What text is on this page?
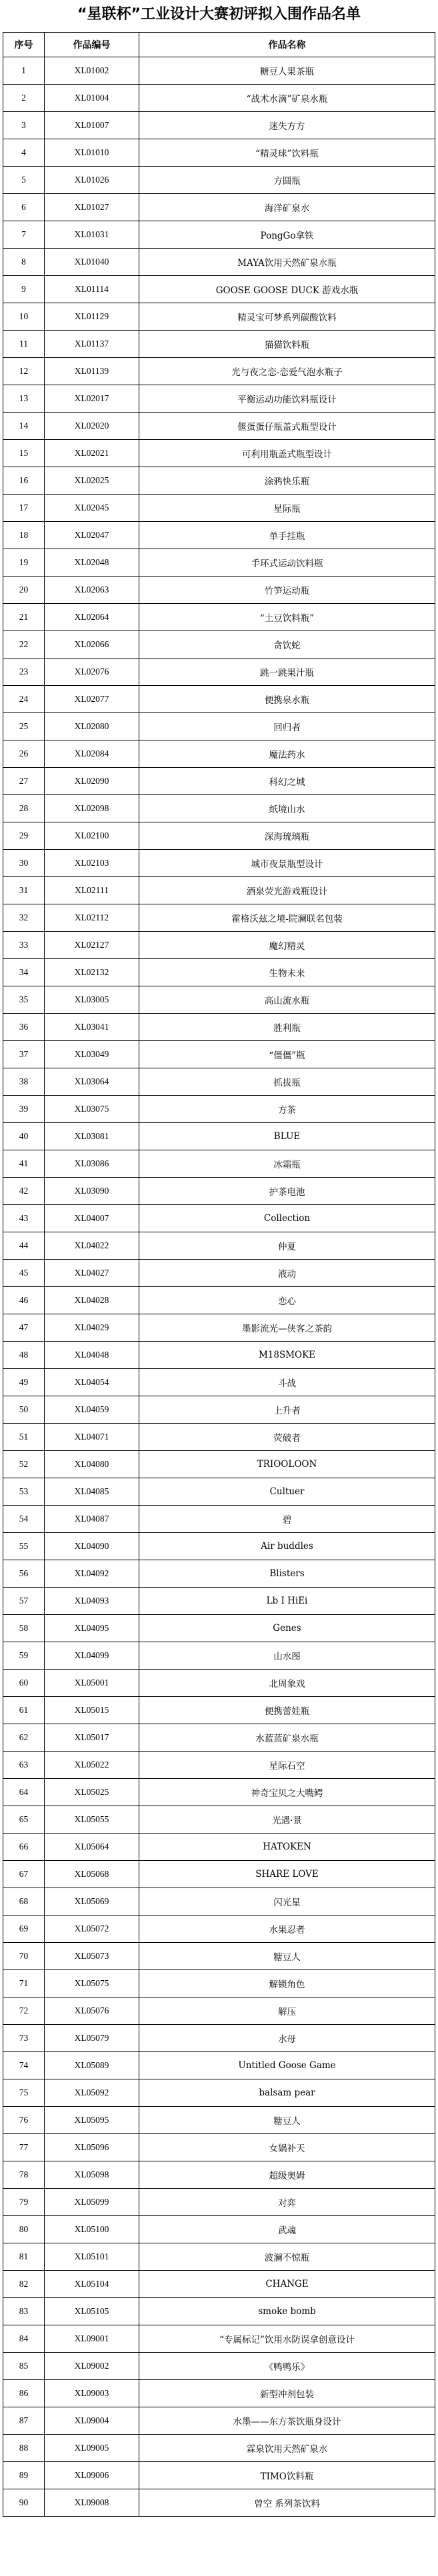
“星联杯”工业设计大赛初评拟入围作品名单
序号	作品编号	作品名称
1	XL01002	糖豆人果茶瓶
2	XL01004	“战术水滴”矿泉水瓶
3	XL01007	迷失方方
4	XL01010	“精灵球”饮料瓶
5	XL01026	方圆瓶
6	XL01027	海洋矿泉水
7	XL01031	PongGo拿铁
8	XL01040	MAYA饮用天然矿泉水瓶
9	XL01114	GOOSE GOOSE DUCK 游戏水瓶
10	XL01129	精灵宝可梦系列碳酸饮料
11	XL01137	猫猫饮料瓶
12	XL01139	光与夜之恋-恋爱气泡水瓶子
13	XL02017	平衡运动功能饮料瓶设计
14	XL02020	偃蛋蛋仔瓶盖式瓶型设计
15	XL02021	可利用瓶盖式瓶型设计
16	XL02025	涂鸦快乐瓶
17	XL02045	星际瓶
18	XL02047	单手挂瓶
19	XL02048	手环式运动饮料瓶
20	XL02063	竹笋运动瓶
21	XL02064	“土豆饮料瓶”
22	XL02066	贪饮蛇
23	XL02076	跳一跳果汁瓶
24	XL02077	便携泉水瓶
25	XL02080	回归者
26	XL02084	魔法药水
27	XL02090	科幻之城
28	XL02098	纸境山水
29	XL02100	深海琉璃瓶
30	XL02103	城市夜景瓶型设计
31	XL02111	酒泉荧光游戏瓶设计
32	XL02112	霍格沃兹之境-院澜联名包装
33	XL02127	魔幻精灵
34	XL02132	生物未来
35	XL03005	高山流水瓶
36	XL03041	胜利瓶
37	XL03049	“僵僵”瓶
38	XL03064	抓拔瓶
39	XL03075	方茶
40	XL03081	BLUE
41	XL03086	冰霜瓶
42	XL03090	护茶电池
43	XL04007	Collection
44	XL04022	仲夏
45	XL04027	液动
46	XL04028	恋心
47	XL04029	墨影流光—侠客之茶韵
48	XL04048	M18SMOKE
49	XL04054	斗战
50	XL04059	上升者
51	XL04071	荧破者
52	XL04080	TRIOOLOON
53	XL04085	Cultuer
54	XL04087	碧
55	XL04090	Air buddles
56	XL04092	Blisters
57	XL04093	Lb I HiEi
58	XL04095	Genes
59	XL04099	山水图
60	XL05001	北周象戏
61	XL05015	便携蕾娃瓶
62	XL05017	水蓝蓝矿泉水瓶
63	XL05022	星际石空
64	XL05025	神奇宝贝之大嘴鳄
65	XL05055	光遇·景
66	XL05064	HATOKEN
67	XL05068	SHARE LOVE
68	XL05069	闪光星
69	XL05072	水果忍者
70	XL05073	糖豆人
71	XL05075	解锁角色
72	XL05076	解压
73	XL05079	水母
74	XL05089	Untitled Goose Game
75	XL05092	balsam pear
76	XL05095	糖豆人
77	XL05096	女娲补天
78	XL05098	超级奥姆
79	XL05099	对弈
80	XL05100	武魂
81	XL05101	波澜不惊瓶
82	XL05104	CHANGE
83	XL05105	smoke bomb
84	XL09001	“专属标记”饮用水防误拿创意设计
85	XL09002	《鸭鸭乐》
86	XL09003	新型冲剂包装
87	XL09004	水墨——东方茶饮瓶身设计
88	XL09005	霖泉饮用天然矿泉水
89	XL09006	TIMO饮料瓶
90	XL09008	曾空 系列茶饮料
